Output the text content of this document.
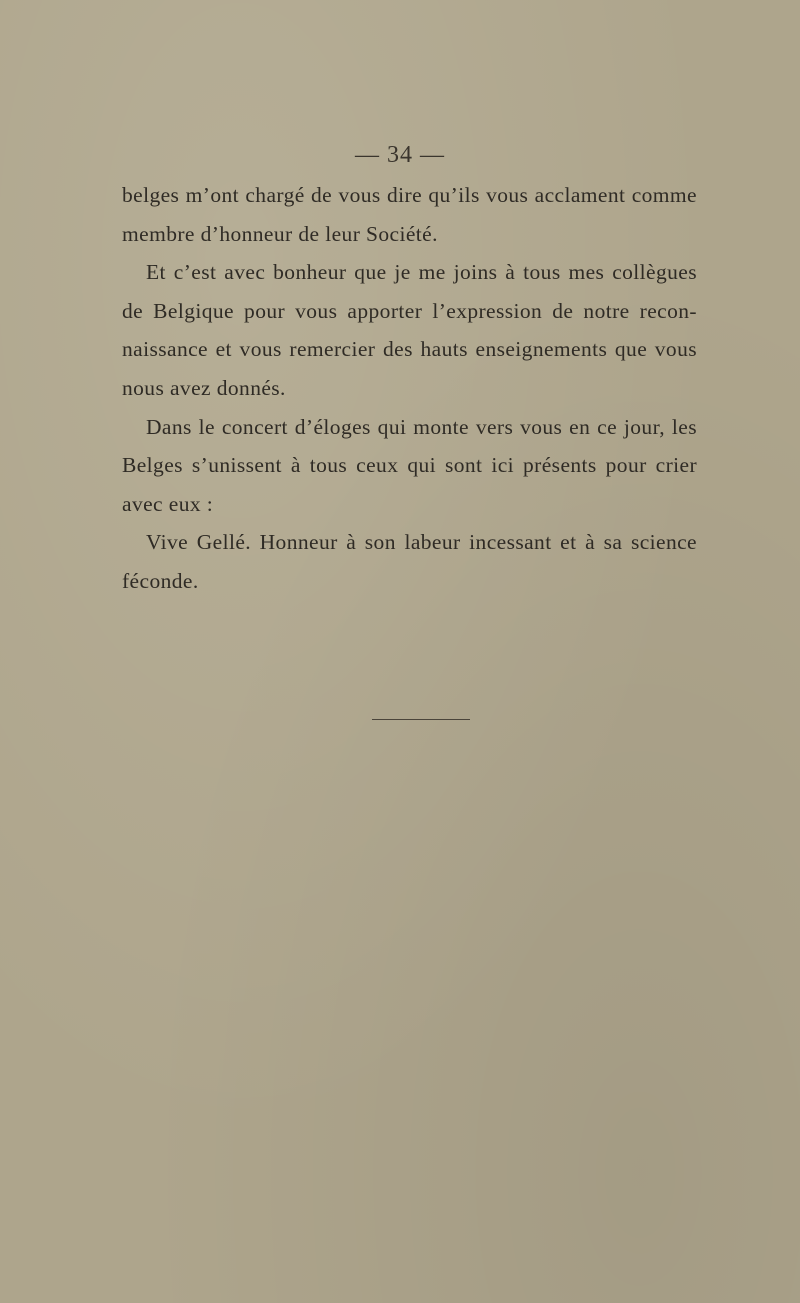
— 34 —

belges m’ont chargé de vous dire qu’ils vous acclament comme membre d’honneur de leur Société.

Et c’est avec bonheur que je me joins à tous mes collègues de Belgique pour vous apporter l’expression de notre recon-naissance et vous remercier des hauts enseignements que vous nous avez donnés.

Dans le concert d’éloges qui monte vers vous en ce jour, les Belges s’unissent à tous ceux qui sont ici présents pour crier avec eux :

Vive Gellé. Honneur à son labeur incessant et à sa science féconde.
